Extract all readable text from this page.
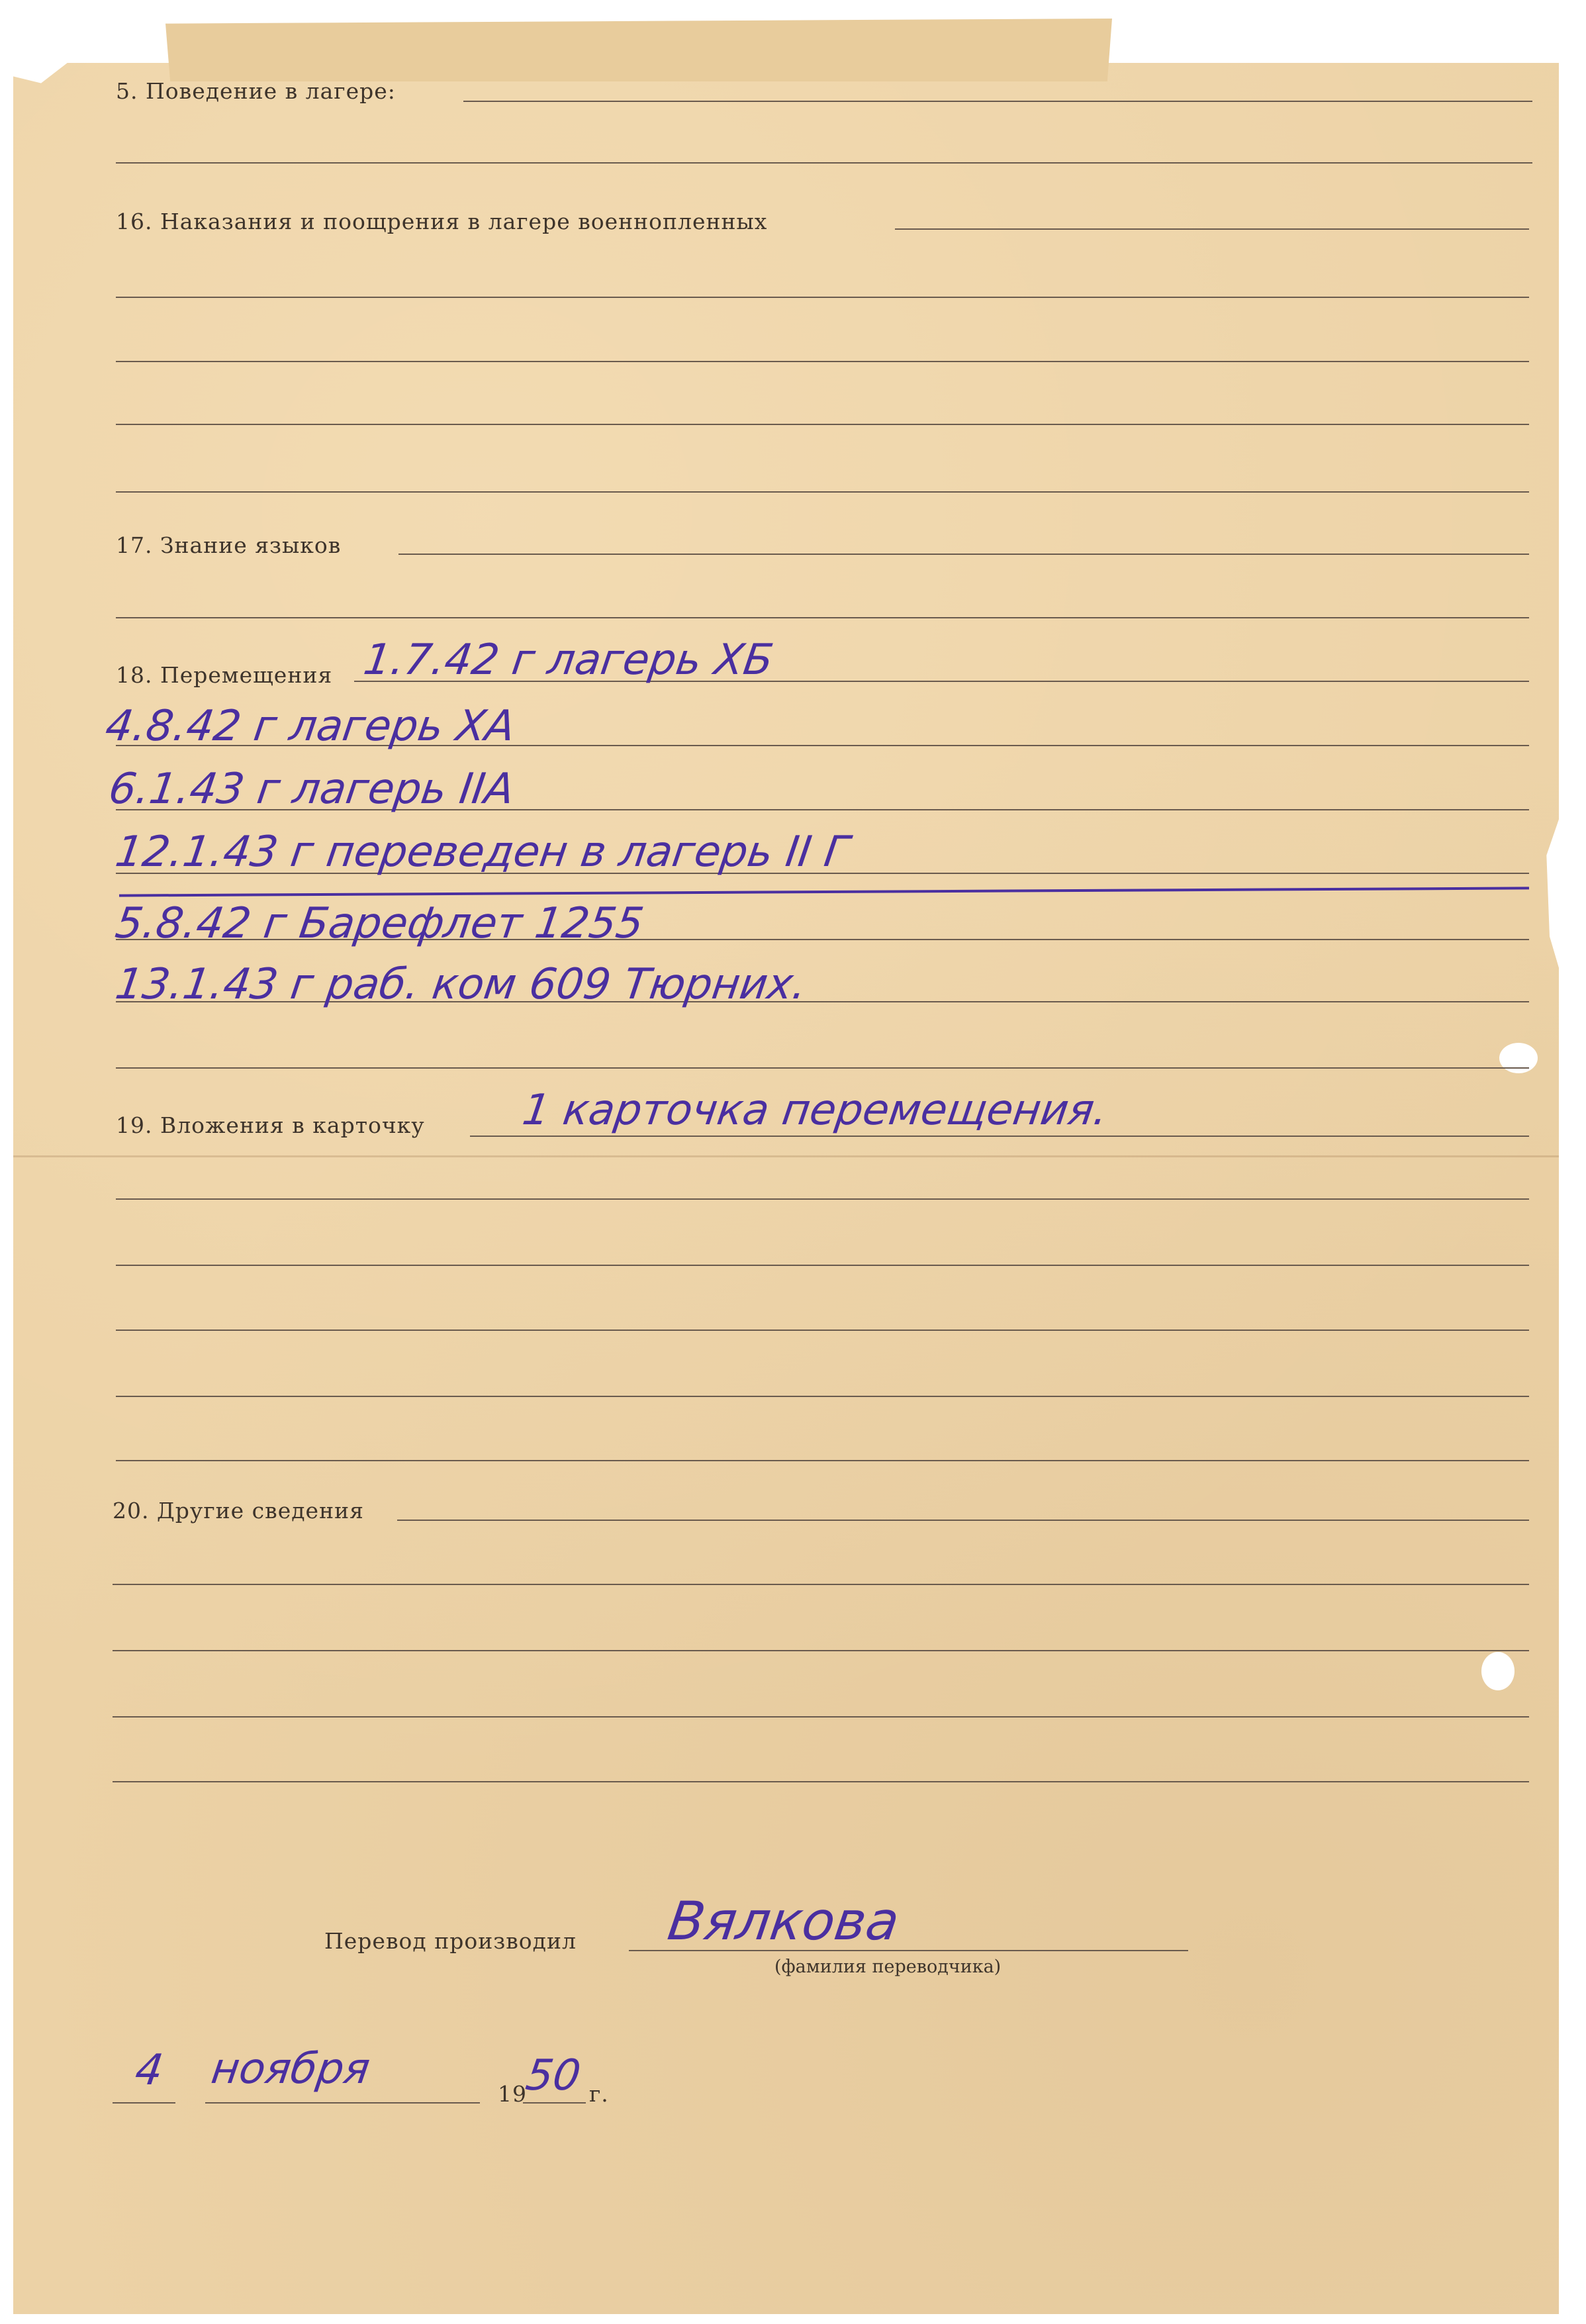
5. Поведение в лагере:
16. Наказания и поощрения в лагере военнопленных
17. Знание языков
18. Перемещения 1.7.42 г лагерь XБ
4.8.42 г лагерь XA
6.1.43 г лагерь IIA
12.1.43 г переведен в лагерь II Г
5.8.42 г Барефлет 1255
13.1.43 г раб. ком 609 Тюрних.
19. Вложения в карточку 1 карточка перемещения.
20. Другие сведения
Перевод производил Вялкова
(фамилия переводчика)
4 ноября
19
50 г.
